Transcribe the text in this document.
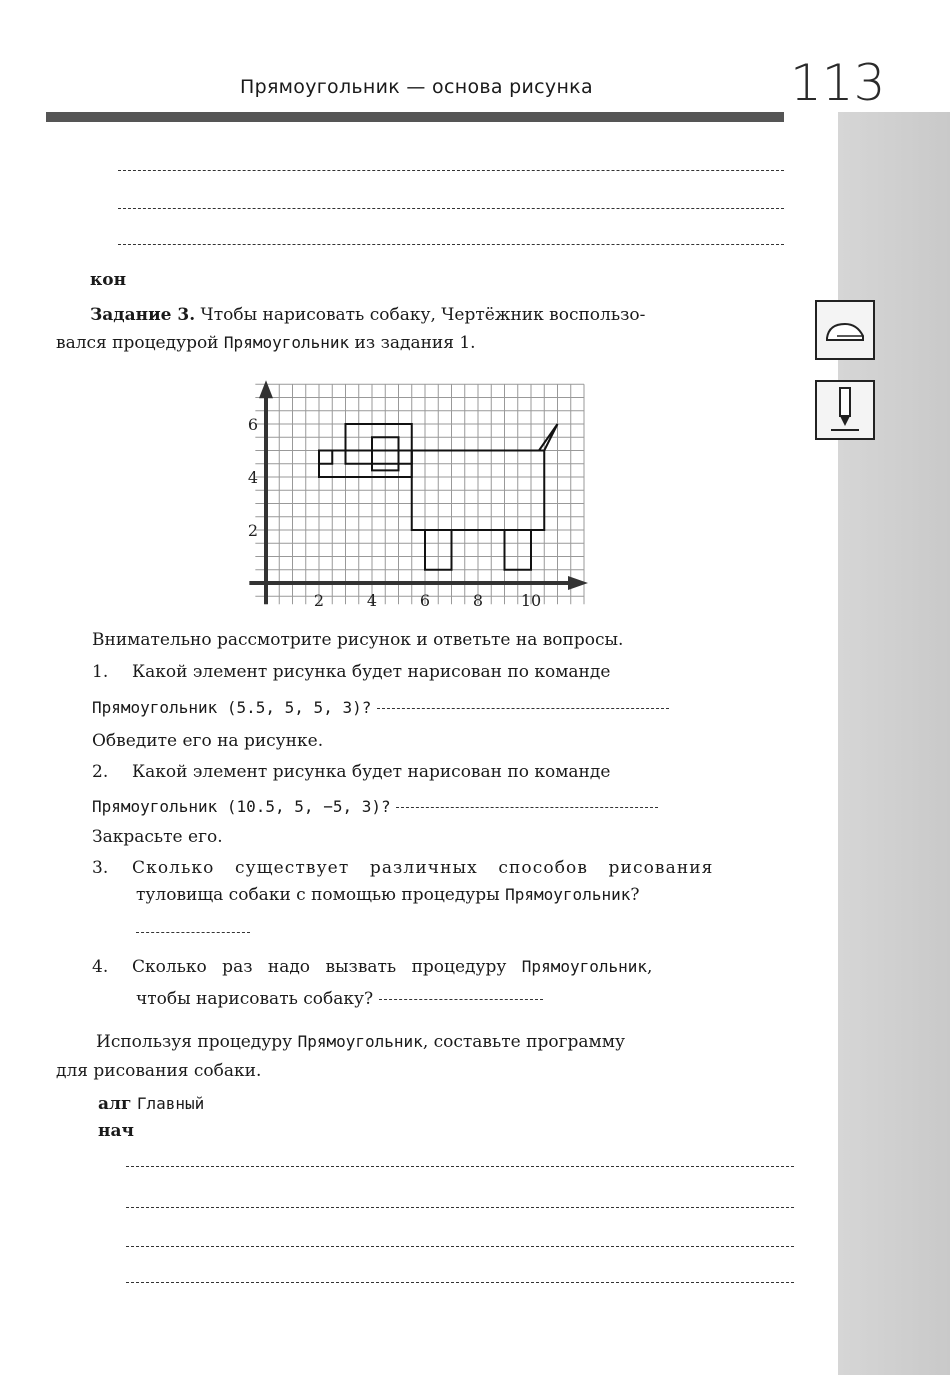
Прямоугольник — основа рисунка	113
кон
Задание 3. Чтобы нарисовать собаку, Чертёжник воспользо-
вался процедурой Прямоугольник из задания 1.
2	4	6	8 10
2
4
6
Внимательно рассмотрите рисунок и ответьте на вопросы.
1. Какой элемент рисунка будет нарисован по команде
Прямоугольник (5.5, 5, 5, 3)?
Обведите его на рисунке.
2. Какой элемент рисунка будет нарисован по команде
Прямоугольник (10.5, 5, −5, 3)?
Закрасьте его.
3. Сколько существует различных способов рисования
туловища собаки с помощью процедуры Прямоугольник?
4. Сколько раз надо вызвать процедуру Прямоугольник,
чтобы нарисовать собаку?
Используя процедуру Прямоугольник, составьте программу
для рисования собаки.
алг Главный
нач
